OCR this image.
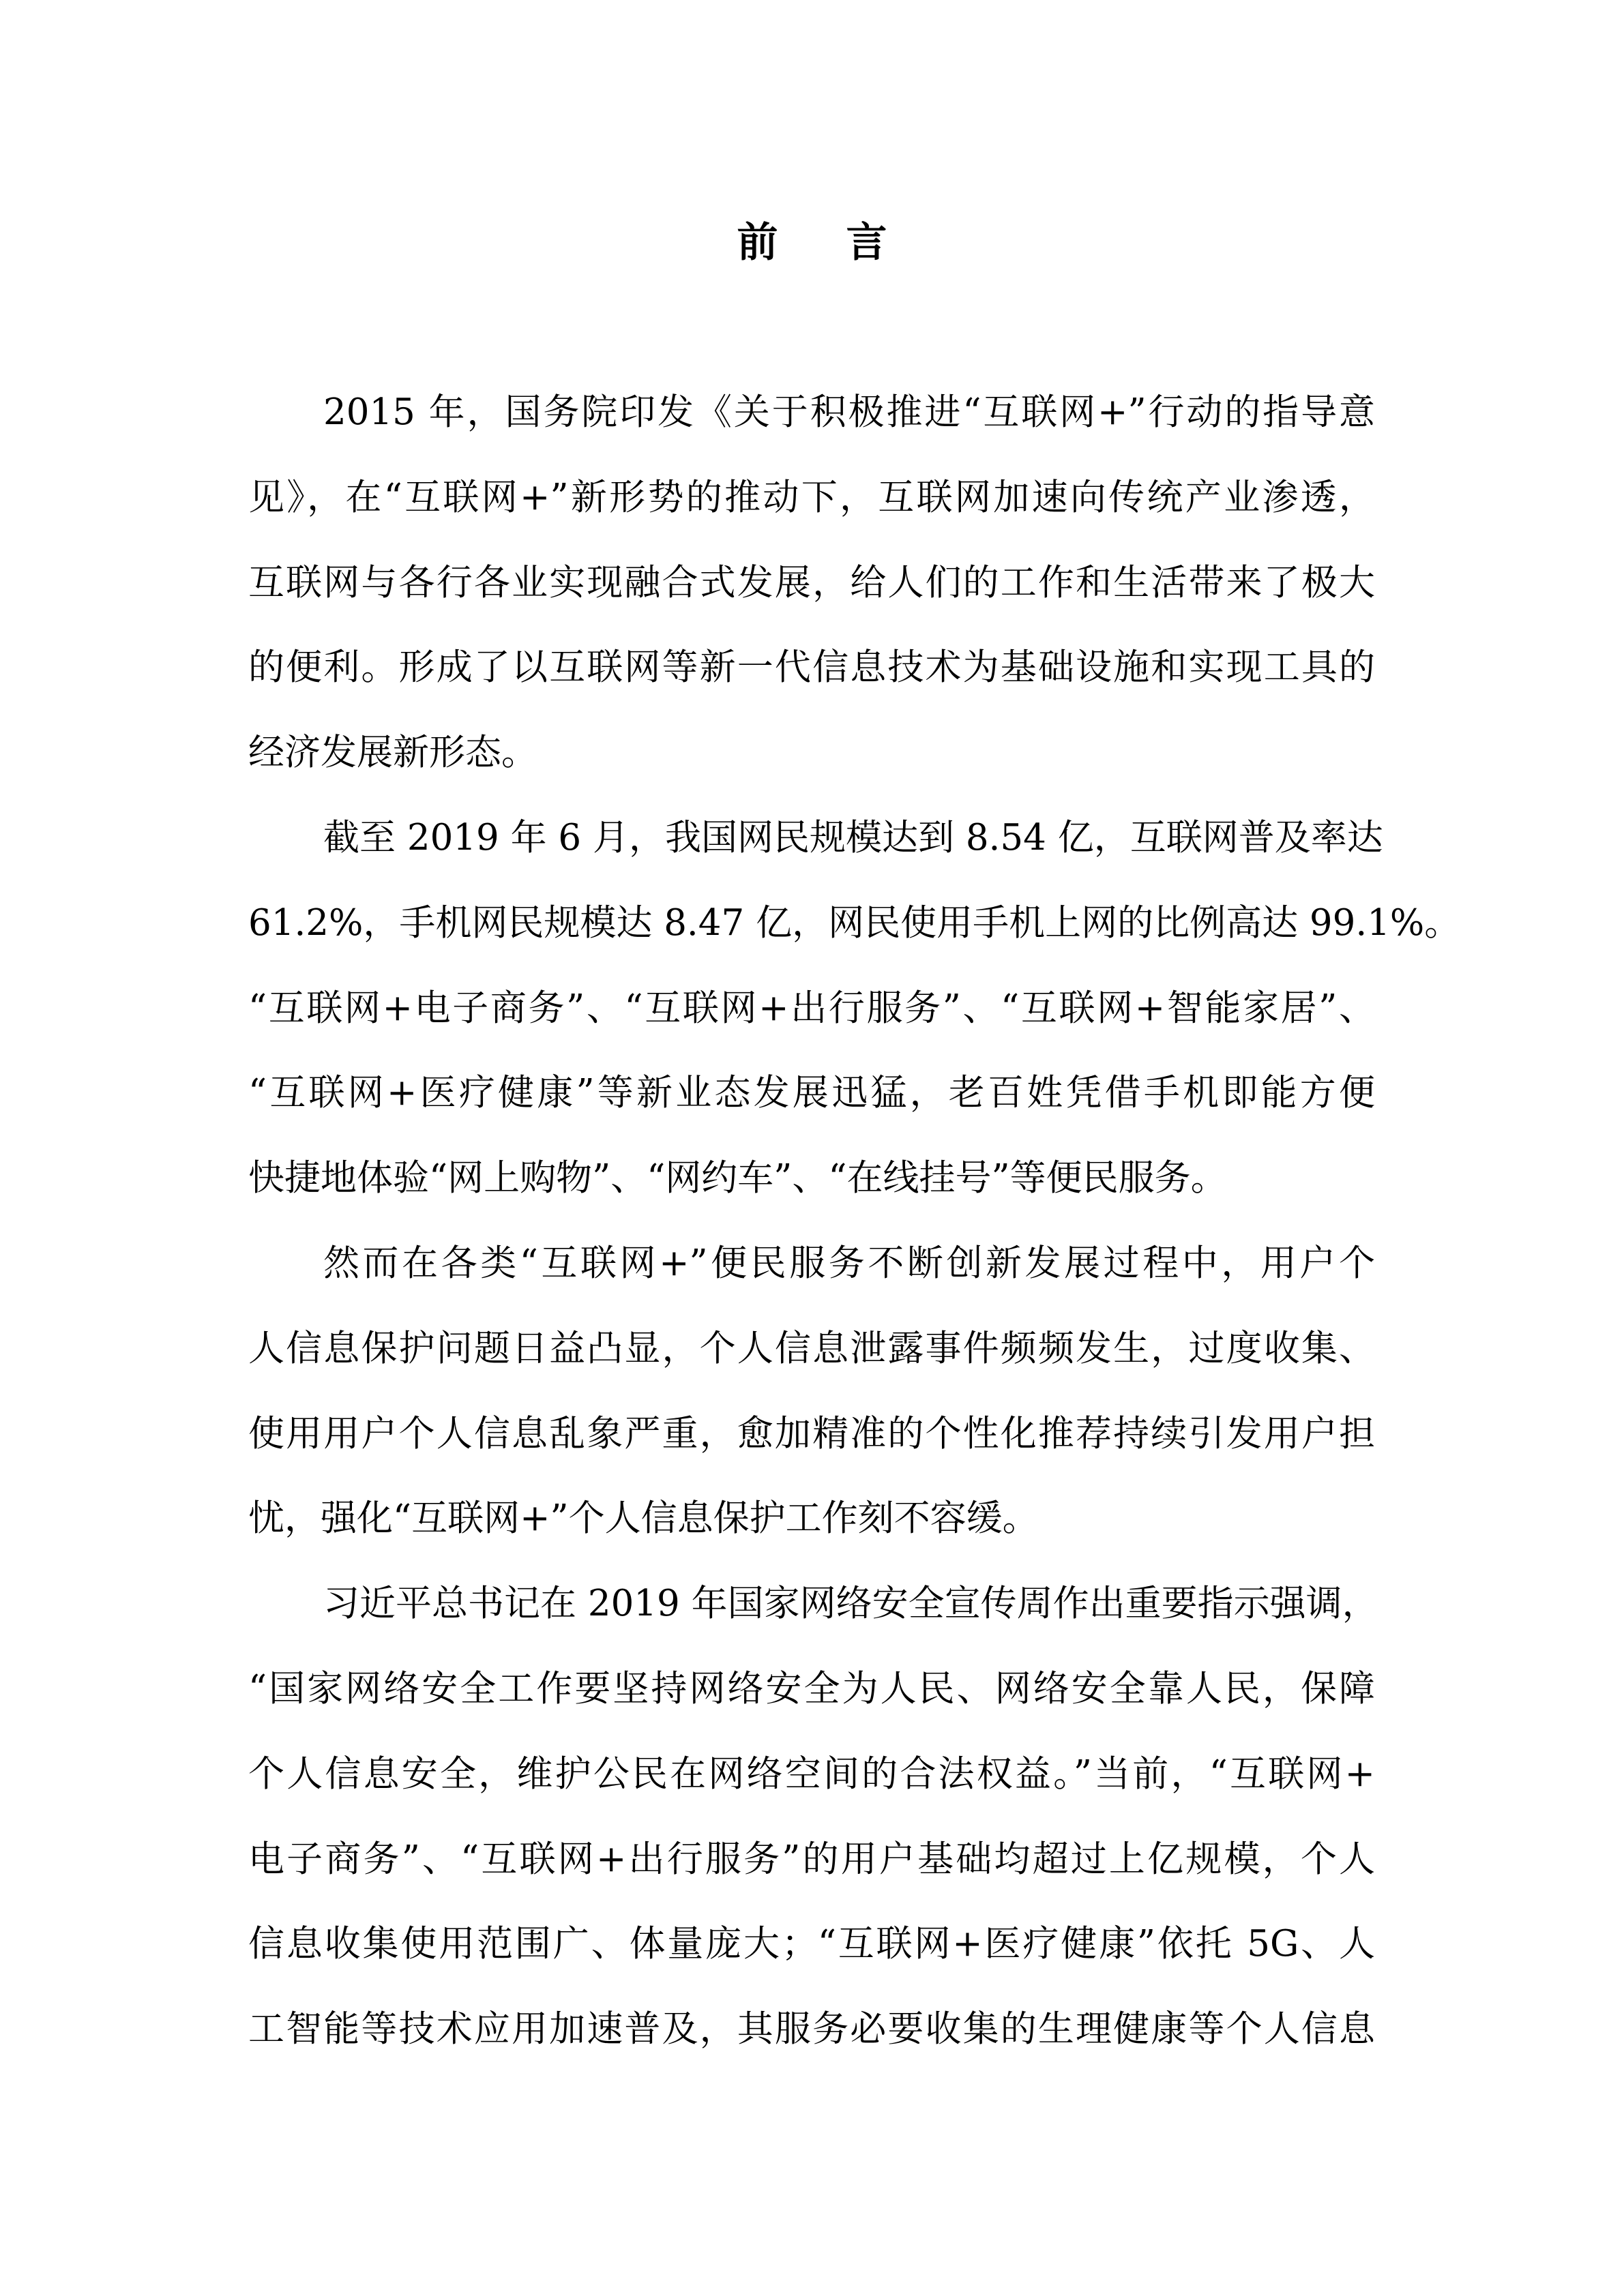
前 言
2015 年，国务院印发《关于积极推进“互联网+”行动的指导意
见》，在“互联网+”新形势的推动下，互联网加速向传统产业渗透，
互联网与各行各业实现融合式发展，给人们的工作和生活带来了极大
的便利。形成了以互联网等新一代信息技术为基础设施和实现工具的
经济发展新形态。
截至 2019 年 6 月，我国网民规模达到 8.54 亿，互联网普及率达
61.2%，手机网民规模达 8.47 亿，网民使用手机上网的比例高达 99.1%。
“互联网+电子商务”、“互联网+出行服务”、“互联网+智能家居”、
“互联网+医疗健康”等新业态发展迅猛，老百姓凭借手机即能方便
快捷地体验“网上购物”、“网约车”、“在线挂号”等便民服务。
然而在各类“互联网+”便民服务不断创新发展过程中，用户个
人信息保护问题日益凸显，个人信息泄露事件频频发生，过度收集、
使用用户个人信息乱象严重，愈加精准的个性化推荐持续引发用户担
忧，强化“互联网+”个人信息保护工作刻不容缓。
习近平总书记在 2019 年国家网络安全宣传周作出重要指示强调，
“国家网络安全工作要坚持网络安全为人民、网络安全靠人民，保障
个人信息安全，维护公民在网络空间的合法权益。”当前，“互联网+
电子商务”、“互联网+出行服务”的用户基础均超过上亿规模，个人
信息收集使用范围广、体量庞大；“互联网+医疗健康”依托 5G、人
工智能等技术应用加速普及，其服务必要收集的生理健康等个人信息
